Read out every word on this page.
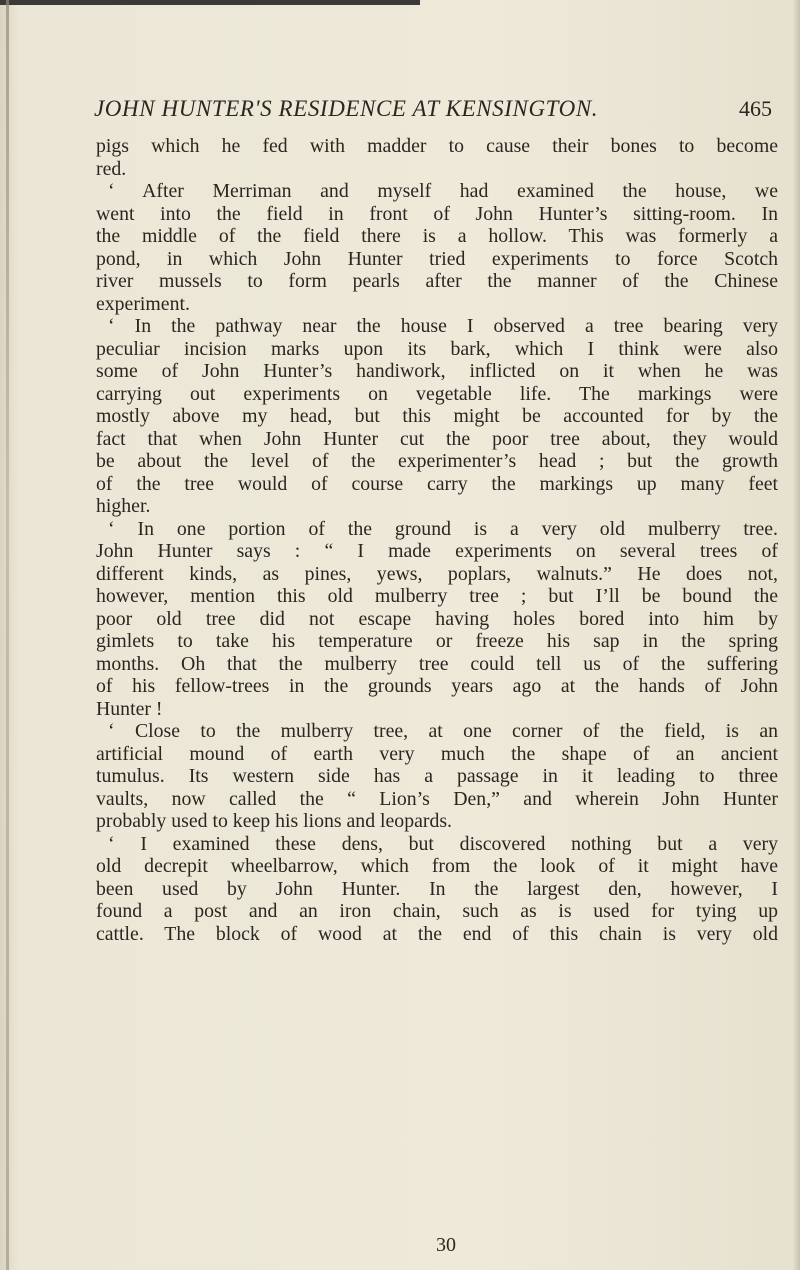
JOHN HUNTER'S RESIDENCE AT KENSINGTON.	465
pigs which he fed with madder to cause their bones to become
red.
‘ After Merriman and myself had examined the house, we
went into the field in front of John Hunter’s sitting-room. In
the middle of the field there is a hollow. This was formerly a
pond, in which John Hunter tried experiments to force Scotch
river mussels to form pearls after the manner of the Chinese
experiment.
‘ In the pathway near the house I observed a tree bearing very
peculiar incision marks upon its bark, which I think were also
some of John Hunter’s handiwork, inflicted on it when he was
carrying out experiments on vegetable life. The markings were
mostly above my head, but this might be accounted for by the
fact that when John Hunter cut the poor tree about, they would
be about the level of the experimenter’s head ; but the growth
of the tree would of course carry the markings up many feet
higher.
‘ In one portion of the ground is a very old mulberry tree.
John Hunter says : “ I made experiments on several trees of
different kinds, as pines, yews, poplars, walnuts.” He does not,
however, mention this old mulberry tree ; but I’ll be bound the
poor old tree did not escape having holes bored into him by
gimlets to take his temperature or freeze his sap in the spring
months. Oh that the mulberry tree could tell us of the suffering
of his fellow-trees in the grounds years ago at the hands of John
Hunter !
‘ Close to the mulberry tree, at one corner of the field, is an
artificial mound of earth very much the shape of an ancient
tumulus. Its western side has a passage in it leading to three
vaults, now called the “ Lion’s Den,” and wherein John Hunter
probably used to keep his lions and leopards.
‘ I examined these dens, but discovered nothing but a very
old decrepit wheelbarrow, which from the look of it might have
been used by John Hunter. In the largest den, however, I
found a post and an iron chain, such as is used for tying up
cattle. The block of wood at the end of this chain is very old
30
